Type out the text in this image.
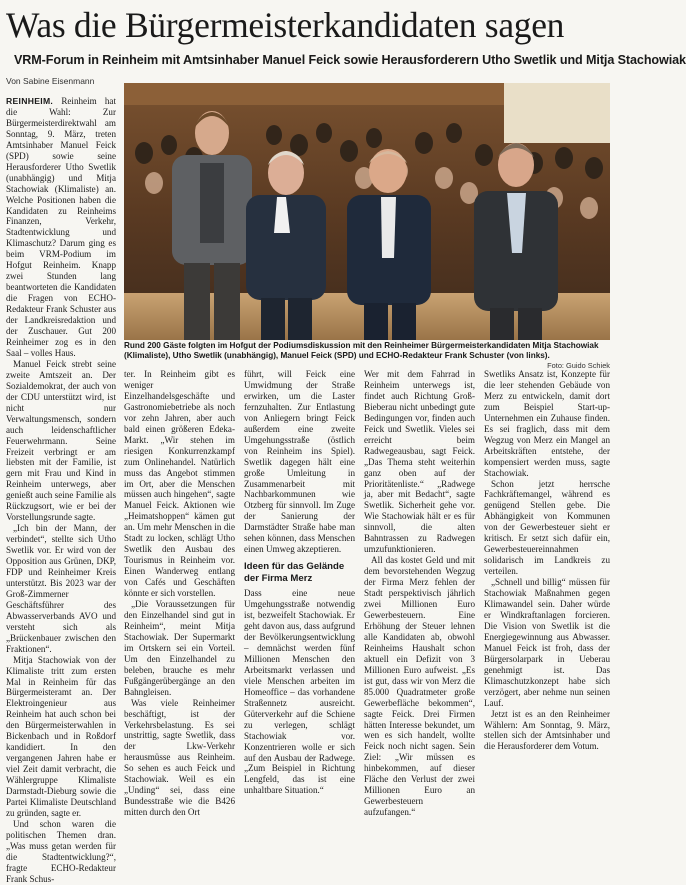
Was die Bürgermeisterkandidaten sagen
VRM-Forum in Reinheim mit Amtsinhaber Manuel Feick sowie Herausforderern Utho Swetlik und Mitja Stachowiak
Von Sabine Eisenmann

REINHEIM. Reinheim hat die Wahl: Zur Bürgermeisterdirektwahl am Sonntag, 9. März, treten Amtsinhaber Manuel Feick (SPD) sowie seine Herausforderer Utho Swetlik (unabhängig) und Mitja Stachowiak (Klimaliste) an. Welche Positionen haben die Kandidaten zu Reinheims Finanzen, Verkehr, Stadtentwicklung und Klimaschutz? Darum ging es beim VRM-Podium im Hofgut Reinheim. Knapp zwei Stunden lang beantworteten die Kandidaten die Fragen von ECHO-Redakteur Frank Schuster aus der Landkreisredaktion und der Zuschauer. Gut 200 Reinheimer zog es in den Saal – volles Haus.

Manuel Feick strebt seine zweite Amtszeit an. Der Sozialdemokrat, der auch von der CDU unterstützt wird, ist nicht nur Verwaltungsmensch, sondern auch leidenschaftlicher Feuerwehrmann. Seine Freizeit verbringt er am liebsten mit der Familie, ist gern mit Frau und Kind in Reinheim unterwegs, aber genießt auch seine Familie als Rückzugsort, wie er bei der Vorstellungsrunde sagte.

„Ich bin der Mann, der verbindet“, stellte sich Utho Swetlik vor. Er wird von der Opposition aus Grünen, DKP, FDP und Reinheimer Kreis unterstützt. Bis 2023 war der Groß-Zimmerner Geschäftsführer des Abwasserverbands AVO und versteht sich als „Brückenbauer zwischen den Fraktionen“.

Mitja Stachowiak von der Klimaliste tritt zum ersten Mal in Reinheim für das Bürgermeisteramt an. Der Elektroingenieur aus Reinheim hat auch schon bei den Bürgermeisterwahlen in Bickenbach und in Roßdorf kandidiert. In den vergangenen Jahren habe er viel Zeit damit verbracht, die Wählergruppe Klimaliste Darmstadt-Dieburg sowie die Partei Klimaliste Deutschland zu gründen, sagte er.

Und schon waren die politischen Themen dran. „Was muss getan werden für die Stadtentwicklung?“, fragte ECHO-Redakteur Frank Schus-

Rund 200 Gäste folgten im Hofgut der Podiumsdiskussion mit den Reinheimer Bürgermeisterkandidaten Mitja Stachowiak (Klimaliste), Utho Swetlik (unabhängig), Manuel Feick (SPD) und ECHO-Redakteur Frank Schuster (von links).
Foto: Guido Schiek

ter. In Reinheim gibt es weniger Einzelhandelsgeschäfte und Gastronomiebetriebe als noch vor zehn Jahren, aber auch bald einen größeren Edeka-Markt. „Wir stehen im riesigen Konkurrenzkampf zum Onlinehandel. Natürlich muss das Angebot stimmen im Ort, aber die Menschen müssen auch hingehen“, sagte Manuel Feick. Aktionen wie „Heimatshoppen“ kämen gut an. Um mehr Menschen in die Stadt zu locken, schlägt Utho Swetlik den Ausbau des Tourismus in Reinheim vor. Einen Wanderweg entlang von Cafés und Geschäften könnte er sich vorstellen.

„Die Voraussetzungen für den Einzelhandel sind gut in Reinheim“, meint Mitja Stachowiak. Der Supermarkt im Ortskern sei ein Vorteil. Um den Einzelhandel zu beleben, brauche es mehr Fußgängerübergänge an den Bahngleisen.

Was viele Reinheimer beschäftigt, ist der Verkehrsbelastung. Es sei unstrittig, sagte Swetlik, dass der Lkw-Verkehr herausmüsse aus Reinheim. So sehen es auch Feick und Stachowiak. Weil es ein „Unding“ sei, dass eine Bundesstraße wie die B426 mitten durch den Ort

führt, will Feick eine Umwidmung der Straße erwirken, um die Laster fernzuhalten. Zur Entlastung von Anliegern bringt Feick außerdem eine zweite Umgehungsstraße (östlich von Reinheim ins Spiel). Swetlik dagegen hält eine große Umleitung in Zusammenarbeit mit Nachbarkommunen wie Otzberg für sinnvoll. Im Zuge der Sanierung der Darmstädter Straße habe man sehen können, dass Menschen einen Umweg akzeptieren.

Ideen für das Gelände der Firma Merz

Dass eine neue Umgehungsstraße notwendig ist, bezweifelt Stachowiak. Er geht davon aus, dass aufgrund der Bevölkerungsentwicklung – demnächst werden fünf Millionen Menschen den Arbeitsmarkt verlassen und viele Menschen arbeiten im Homeoffice – das vorhandene Straßennetz ausreicht. Güterverkehr auf die Schiene zu verlegen, schlägt Stachowiak vor. Konzentrieren wolle er sich auf den Ausbau der Radwege. „Zum Beispiel in Richtung Lengfeld, das ist eine unhaltbare Situation.“

Wer mit dem Fahrrad in Reinheim unterwegs ist, findet auch Richtung Groß-Bieberau nicht unbedingt gute Bedingungen vor, finden auch Feick und Swetlik. Vieles sei erreicht beim Radwegeausbau, sagt Feick. „Das Thema steht weiterhin ganz oben auf der Prioritätenliste.“ „Radwege ja, aber mit Bedacht“, sagte Swetlik. Sicherheit gehe vor. Wie Stachowiak hält er es für sinnvoll, die alten Bahntrassen zu Radwegen umzufunktionieren.

All das kostet Geld und mit dem bevorstehenden Wegzug der Firma Merz fehlen der Stadt perspektivisch jährlich zwei Millionen Euro Gewerbesteuern. Eine Erhöhung der Steuer lehnen alle Kandidaten ab, obwohl Reinheims Haushalt schon aktuell ein Defizit von 3 Millionen Euro aufweist. „Es ist gut, dass wir von Merz die 85.000 Quadratmeter große Gewerbefläche bekommen“, sagte Feick. Drei Firmen hätten Interesse bekundet, um wen es sich handelt, wollte Feick noch nicht sagen. Sein Ziel: „Wir müssen es hinbekommen, auf dieser Fläche den Verlust der zwei Millionen Euro an Gewerbesteuern aufzufangen.“

Swetliks Ansatz ist, Konzepte für die leer stehenden Gebäude von Merz zu entwickeln, damit dort zum Beispiel Start-up-Unternehmen ein Zuhause finden. Es sei fraglich, dass mit dem Wegzug von Merz ein Mangel an Arbeitskräften entstehe, der kompensiert werden muss, sagte Stachowiak.

Schon jetzt herrsche Fachkräftemangel, während es genügend Stellen gebe. Die Abhängigkeit von Kommunen von der Gewerbesteuer sieht er kritisch. Er setzt sich dafür ein, Gewerbesteuereinnahmen solidarisch im Landkreis zu verteilen.

„Schnell und billig“ müssen für Stachowiak Maßnahmen gegen Klimawandel sein. Daher würde er Windkraftanlagen forcieren. Die Vision von Swetlik ist die Energiegewinnung aus Abwasser. Manuel Feick ist froh, dass der Bürgersolarpark in Ueberau genehmigt ist. Das Klimaschutzkonzept habe sich verzögert, aber nehme nun seinen Lauf.

Jetzt ist es an den Reinheimer Wählern: Am Sonntag, 9. März, stellen sich der Amtsinhaber und die Herausforderer dem Votum.
